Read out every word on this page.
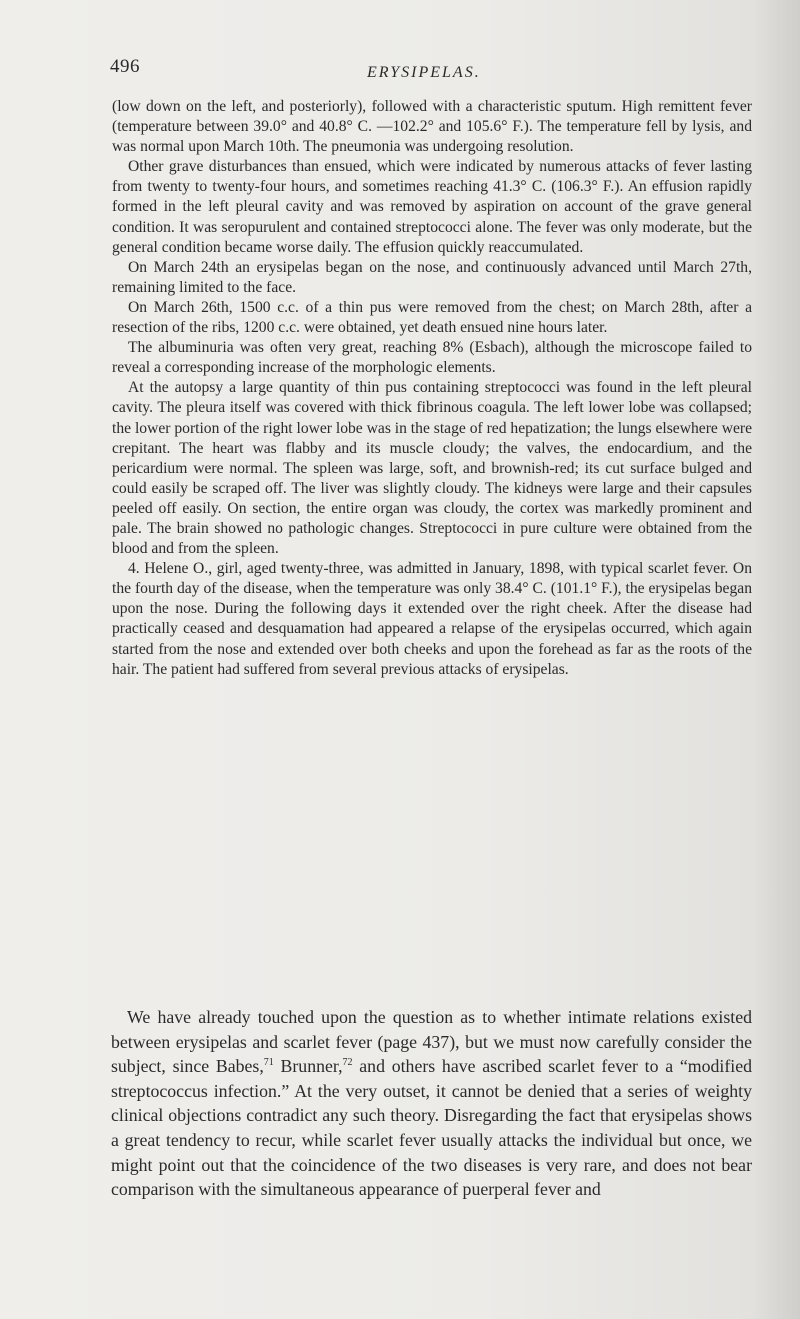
496	ERYSIPELAS.

(low down on the left, and posteriorly), followed with a characteristic sputum. High remittent fever (temperature between 39.0° and 40.8° C. —102.2° and 105.6° F.). The temperature fell by lysis, and was normal upon March 10th. The pneumonia was undergoing resolution.

Other grave disturbances than ensued, which were indicated by numerous attacks of fever lasting from twenty to twenty-four hours, and sometimes reaching 41.3° C. (106.3° F.). An effusion rapidly formed in the left pleural cavity and was removed by aspiration on account of the grave general condition. It was seropurulent and contained streptococci alone. The fever was only moderate, but the general condition became worse daily. The effusion quickly reaccumulated.

On March 24th an erysipelas began on the nose, and continuously advanced until March 27th, remaining limited to the face.

On March 26th, 1500 c.c. of a thin pus were removed from the chest; on March 28th, after a resection of the ribs, 1200 c.c. were obtained, yet death ensued nine hours later.

The albuminuria was often very great, reaching 8% (Esbach), although the microscope failed to reveal a corresponding increase of the morphologic elements.

At the autopsy a large quantity of thin pus containing streptococci was found in the left pleural cavity. The pleura itself was covered with thick fibrinous coagula. The left lower lobe was collapsed; the lower portion of the right lower lobe was in the stage of red hepatization; the lungs elsewhere were crepitant. The heart was flabby and its muscle cloudy; the valves, the endocardium, and the pericardium were normal. The spleen was large, soft, and brownish-red; its cut surface bulged and could easily be scraped off. The liver was slightly cloudy. The kidneys were large and their capsules peeled off easily. On section, the entire organ was cloudy, the cortex was markedly prominent and pale. The brain showed no pathologic changes. Streptococci in pure culture were obtained from the blood and from the spleen.

4. Helene O., girl, aged twenty-three, was admitted in January, 1898, with typical scarlet fever. On the fourth day of the disease, when the temperature was only 38.4° C. (101.1° F.), the erysipelas began upon the nose. During the following days it extended over the right cheek. After the disease had practically ceased and desquamation had appeared a relapse of the erysipelas occurred, which again started from the nose and extended over both cheeks and upon the forehead as far as the roots of the hair. The patient had suffered from several previous attacks of erysipelas.

We have already touched upon the question as to whether intimate relations existed between erysipelas and scarlet fever (page 437), but we must now carefully consider the subject, since Babes,$^{71}$ Brunner,$^{72}$ and others have ascribed scarlet fever to a “modified streptococcus infection.” At the very outset, it cannot be denied that a series of weighty clinical objections contradict any such theory. Disregarding the fact that erysipelas shows a great tendency to recur, while scarlet fever usually attacks the individual but once, we might point out that the coincidence of the two diseases is very rare, and does not bear comparison with the simultaneous appearance of puerperal fever and
